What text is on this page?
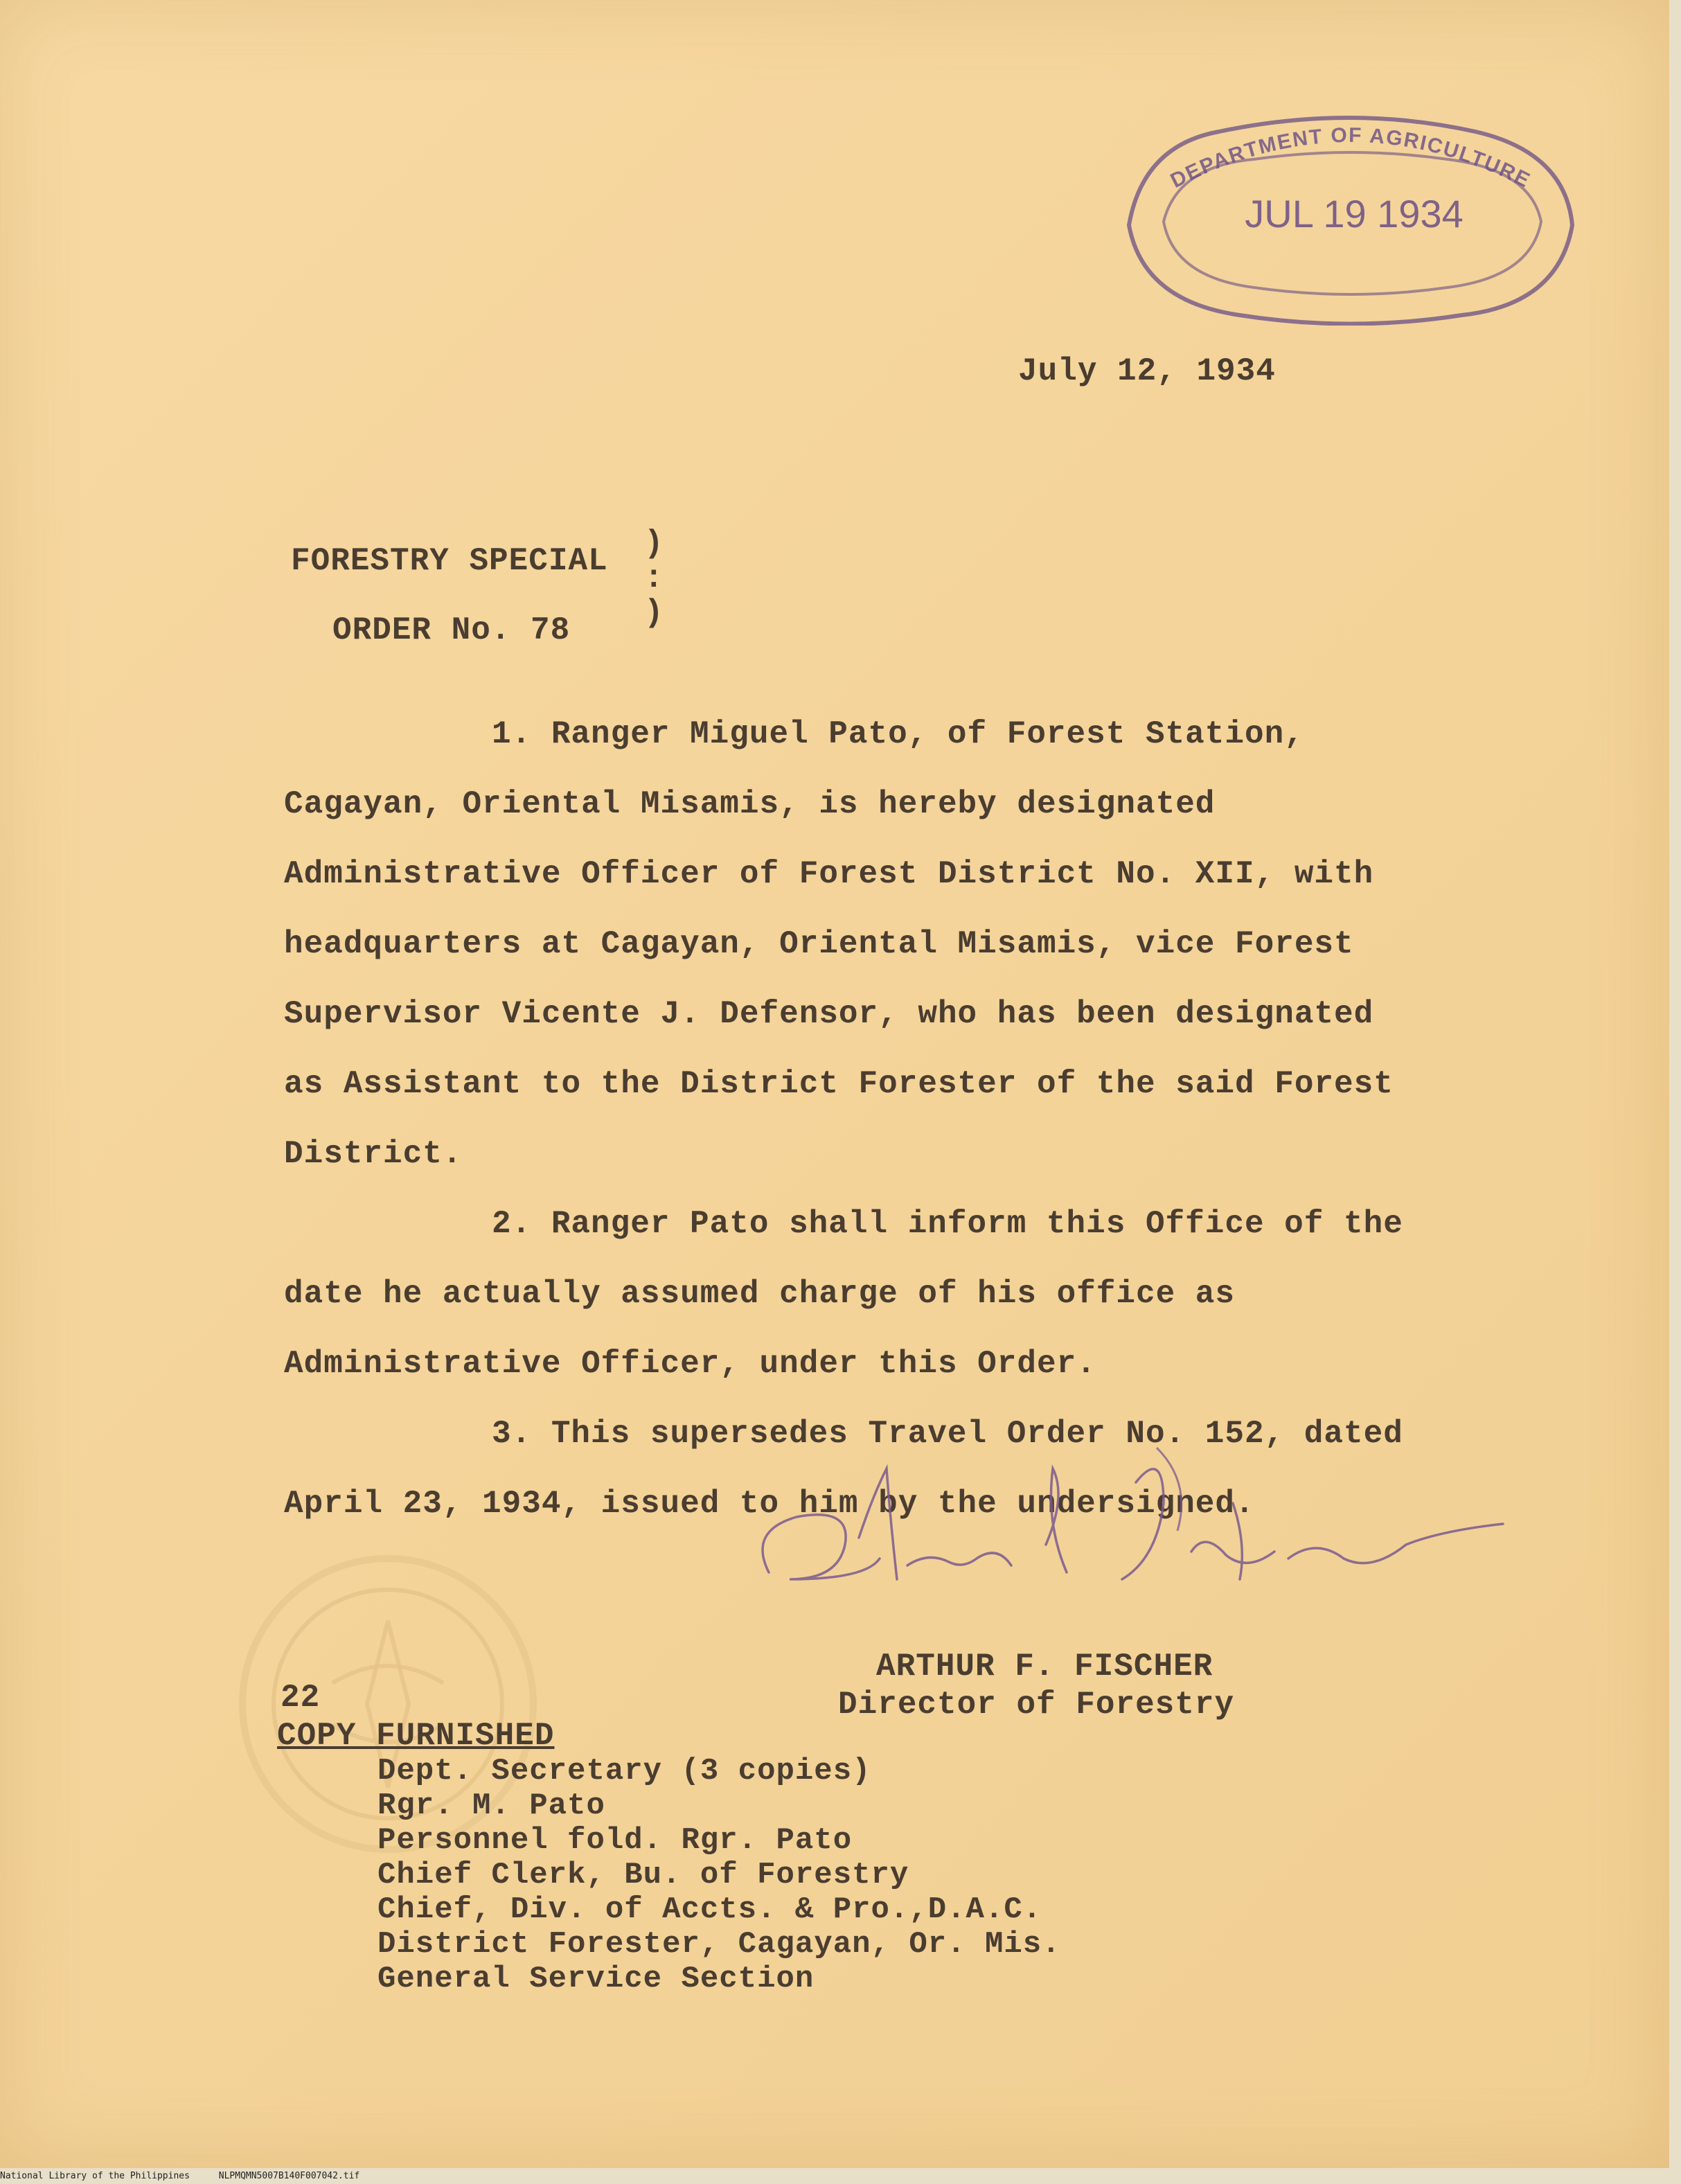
DEPARTMENT OF AGRICULTURE
JUL 19 1934
July 12, 1934
FORESTRY SPECIAL
ORDER No. 78
)
:
)

1. Ranger Miguel Pato, of Forest Station, Cagayan, Oriental Misamis, is hereby designated Administrative Officer of Forest District No. XII, with headquarters at Cagayan, Oriental Misamis, vice Forest Supervisor Vicente J. Defensor, who has been designated as Assistant to the District Forester of the said Forest District.

2. Ranger Pato shall inform this Office of the date he actually assumed charge of his office as Administrative Officer, under this Order.

3. This supersedes Travel Order No. 152, dated April 23, 1934, issued to him by the undersigned.

ARTHUR F. FISCHER
Director of Forestry
22
COPY FURNISHED
Dept. Secretary (3 copies)
Rgr. M. Pato
Personnel fold. Rgr. Pato
Chief Clerk, Bu. of Forestry
Chief, Div. of Accts. & Pro.,D.A.C.
District Forester, Cagayan, Or. Mis.
General Service Section
National Library of the Philippines	NLPMQMN5007B140F007042.tif
